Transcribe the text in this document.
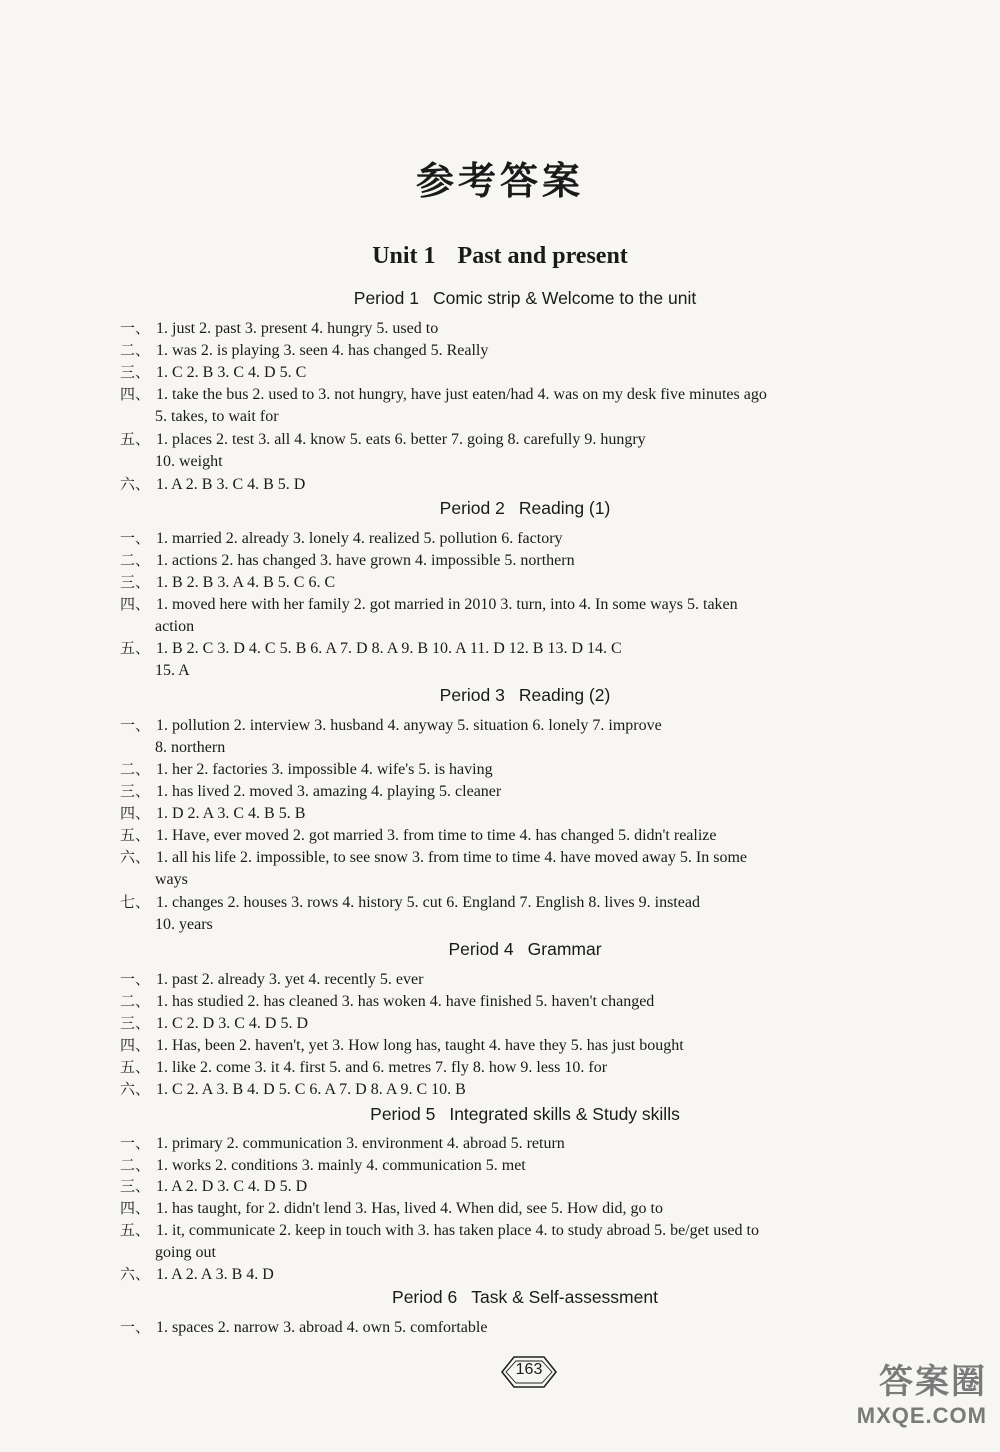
参考答案
Unit 1 Past and present
Period 1 Comic strip & Welcome to the unit
一、 1. just 2. past 3. present 4. hungry 5. used to
二、 1. was 2. is playing 3. seen 4. has changed 5. Really
三、 1. C 2. B 3. C 4. D 5. C
四、 1. take the bus 2. used to 3. not hungry, have just eaten/had 4. was on my desk five minutes ago
5. takes, to wait for
五、 1. places 2. test 3. all 4. know 5. eats 6. better 7. going 8. carefully 9. hungry
10. weight
六、 1. A 2. B 3. C 4. B 5. D
Period 2 Reading (1)
一、 1. married 2. already 3. lonely 4. realized 5. pollution 6. factory
二、 1. actions 2. has changed 3. have grown 4. impossible 5. northern
三、 1. B 2. B 3. A 4. B 5. C 6. C
四、 1. moved here with her family 2. got married in 2010 3. turn, into 4. In some ways 5. taken
action
五、 1. B 2. C 3. D 4. C 5. B 6. A 7. D 8. A 9. B 10. A 11. D 12. B 13. D 14. C
15. A
Period 3 Reading (2)
一、 1. pollution 2. interview 3. husband 4. anyway 5. situation 6. lonely 7. improve
8. northern
二、 1. her 2. factories 3. impossible 4. wife's 5. is having
三、 1. has lived 2. moved 3. amazing 4. playing 5. cleaner
四、 1. D 2. A 3. C 4. B 5. B
五、 1. Have, ever moved 2. got married 3. from time to time 4. has changed 5. didn't realize
六、 1. all his life 2. impossible, to see snow 3. from time to time 4. have moved away 5. In some
ways
七、 1. changes 2. houses 3. rows 4. history 5. cut 6. England 7. English 8. lives 9. instead
10. years
Period 4 Grammar
一、 1. past 2. already 3. yet 4. recently 5. ever
二、 1. has studied 2. has cleaned 3. has woken 4. have finished 5. haven't changed
三、 1. C 2. D 3. C 4. D 5. D
四、 1. Has, been 2. haven't, yet 3. How long has, taught 4. have they 5. has just bought
五、 1. like 2. come 3. it 4. first 5. and 6. metres 7. fly 8. how 9. less 10. for
六、 1. C 2. A 3. B 4. D 5. C 6. A 7. D 8. A 9. C 10. B
Period 5 Integrated skills & Study skills
一、 1. primary 2. communication 3. environment 4. abroad 5. return
二、 1. works 2. conditions 3. mainly 4. communication 5. met
三、 1. A 2. D 3. C 4. D 5. D
四、 1. has taught, for 2. didn't lend 3. Has, lived 4. When did, see 5. How did, go to
五、 1. it, communicate 2. keep in touch with 3. has taken place 4. to study abroad 5. be/get used to
going out
六、 1. A 2. A 3. B 4. D
Period 6 Task & Self-assessment
一、 1. spaces 2. narrow 3. abroad 4. own 5. comfortable
163	答案圈
MXQE.COM
